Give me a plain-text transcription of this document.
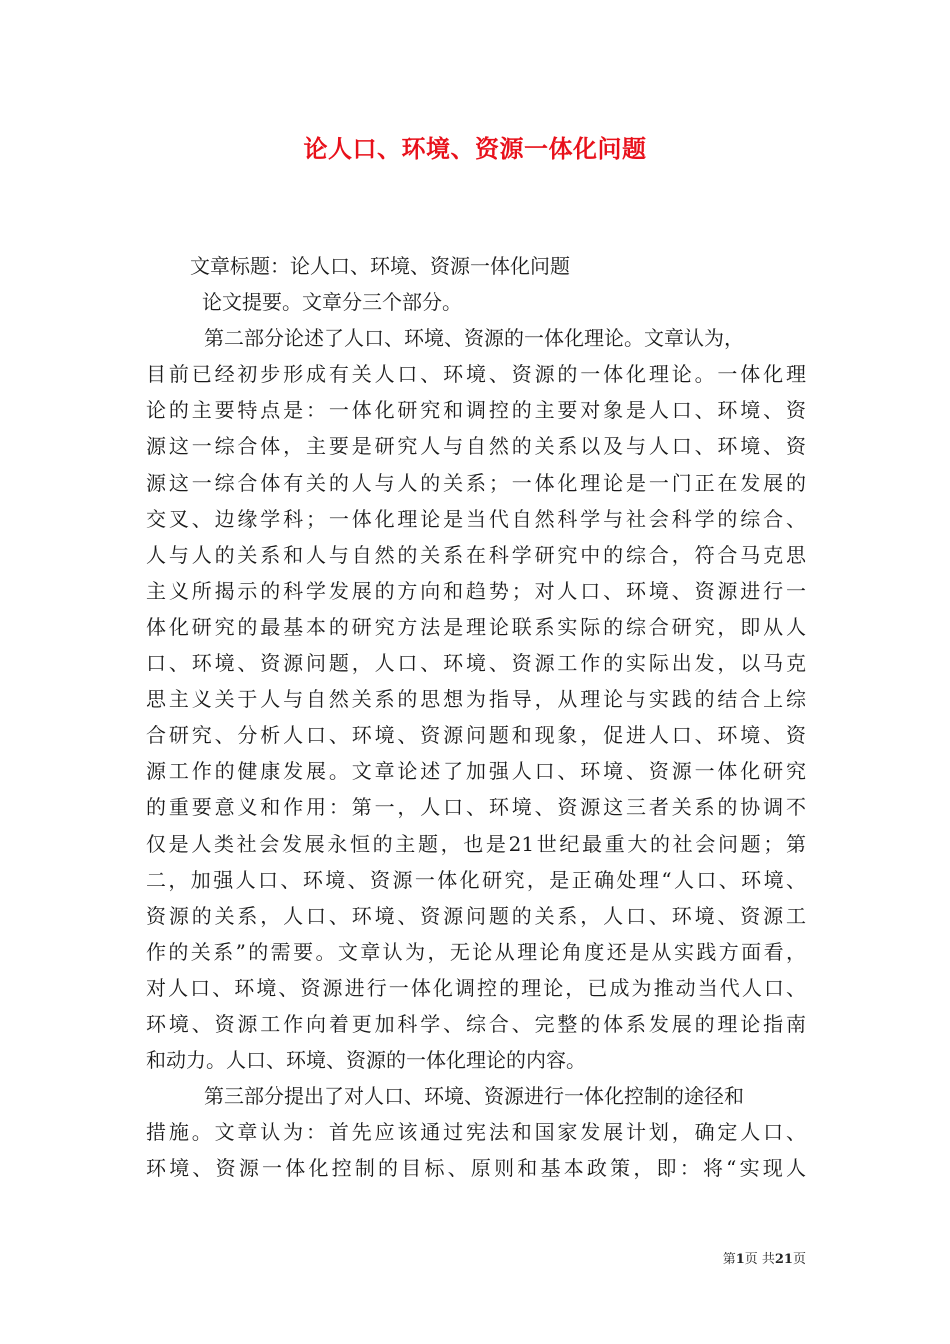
论人口、环境、资源一体化问题
文章标题：论人口、环境、资源一体化问题
论文提要。文章分三个部分。
第二部分论述了人口、环境、资源的一体化理论。文章认为，
目前已经初步形成有关人口、环境、资源的一体化理论。一体化理
论的主要特点是：一体化研究和调控的主要对象是人口、环境、资
源这一综合体，主要是研究人与自然的关系以及与人口、环境、资
源这一综合体有关的人与人的关系；一体化理论是一门正在发展的
交叉、边缘学科；一体化理论是当代自然科学与社会科学的综合、
人与人的关系和人与自然的关系在科学研究中的综合，符合马克思
主义所揭示的科学发展的方向和趋势；对人口、环境、资源进行一
体化研究的最基本的研究方法是理论联系实际的综合研究，即从人
口、环境、资源问题，人口、环境、资源工作的实际出发，以马克
思主义关于人与自然关系的思想为指导，从理论与实践的结合上综
合研究、分析人口、环境、资源问题和现象，促进人口、环境、资
源工作的健康发展。文章论述了加强人口、环境、资源一体化研究
的重要意义和作用：第一，人口、环境、资源这三者关系的协调不
仅是人类社会发展永恒的主题，也是21世纪最重大的社会问题；第
二，加强人口、环境、资源一体化研究，是正确处理“人口、环境、
资源的关系，人口、环境、资源问题的关系，人口、环境、资源工
作的关系”的需要。文章认为，无论从理论角度还是从实践方面看，
对人口、环境、资源进行一体化调控的理论，已成为推动当代人口、
环境、资源工作向着更加科学、综合、完整的体系发展的理论指南
和动力。人口、环境、资源的一体化理论的内容。
第三部分提出了对人口、环境、资源进行一体化控制的途径和
措施。文章认为：首先应该通过宪法和国家发展计划，确定人口、
环境、资源一体化控制的目标、原则和基本政策，即：将“实现人
第1页 共21页
